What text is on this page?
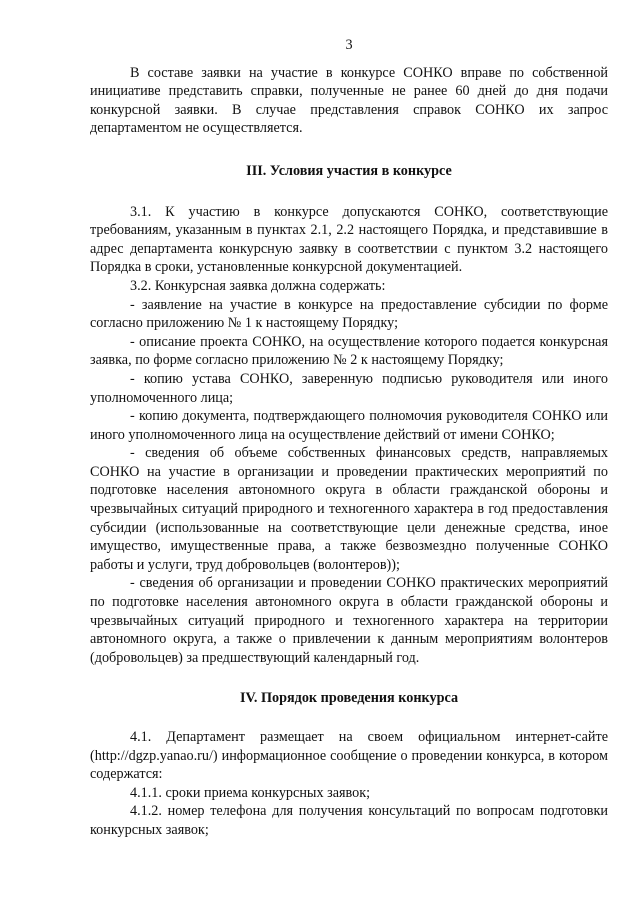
3

В составе заявки на участие в конкурсе СОНКО вправе по собственной инициативе представить справки, полученные не ранее 60 дней до дня подачи конкурсной заявки. В случае представления справок СОНКО их запрос департаментом не осуществляется.

III. Условия участия в конкурсе

3.1. К участию в конкурсе допускаются СОНКО, соответствующие требованиям, указанным в пунктах 2.1, 2.2 настоящего Порядка, и представившие в адрес департамента конкурсную заявку в соответствии с пунктом 3.2 настоящего Порядка в сроки, установленные конкурсной документацией.

3.2. Конкурсная заявка должна содержать:

- заявление на участие в конкурсе на предоставление субсидии по форме согласно приложению № 1 к настоящему Порядку;

- описание проекта СОНКО, на осуществление которого подается конкурсная заявка, по форме согласно приложению № 2 к настоящему Порядку;

- копию устава СОНКО, заверенную подписью руководителя или иного уполномоченного лица;

- копию документа, подтверждающего полномочия руководителя СОНКО или иного уполномоченного лица на осуществление действий от имени СОНКО;

- сведения об объеме собственных финансовых средств, направляемых СОНКО на участие в организации и проведении практических мероприятий по подготовке населения автономного округа в области гражданской обороны и чрезвычайных ситуаций природного и техногенного характера в год предоставления субсидии (использованные на соответствующие цели денежные средства, иное имущество, имущественные права, а также безвозмездно полученные СОНКО работы и услуги, труд добровольцев (волонтеров));

- сведения об организации и проведении СОНКО практических мероприятий по подготовке населения автономного округа в области гражданской обороны и чрезвычайных ситуаций природного и техногенного характера на территории автономного округа, а также о привлечении к данным мероприятиям волонтеров (добровольцев) за предшествующий календарный год.

IV. Порядок проведения конкурса

4.1. Департамент размещает на своем официальном интернет-сайте (http://dgzp.yanao.ru/) информационное сообщение о проведении конкурса, в котором содержатся:

4.1.1. сроки приема конкурсных заявок;

4.1.2. номер телефона для получения консультаций по вопросам подготовки конкурсных заявок;
